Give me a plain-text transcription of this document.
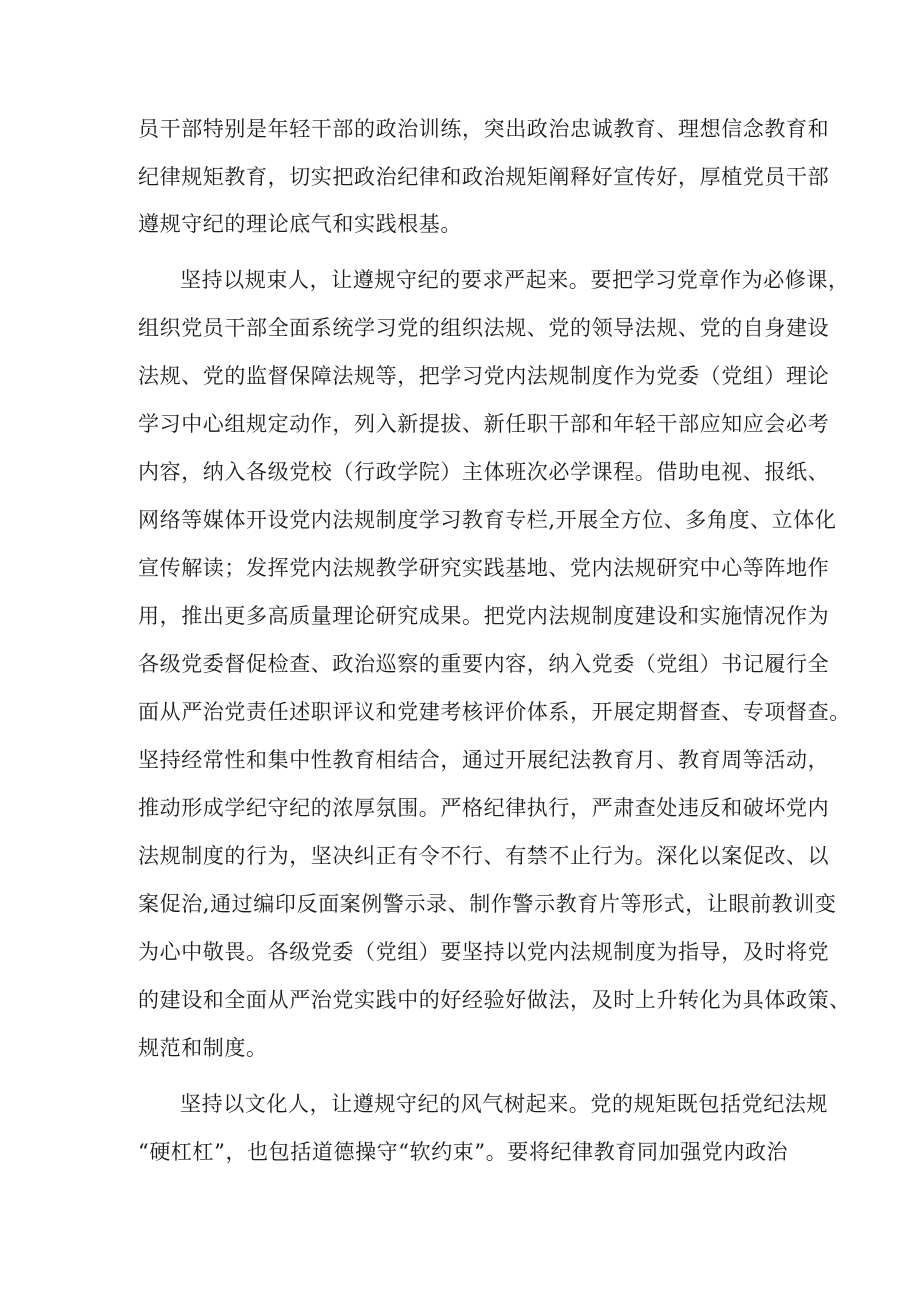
员干部特别是年轻干部的政治训练，突出政治忠诚教育、理想信念教育和
纪律规矩教育，切实把政治纪律和政治规矩阐释好宣传好，厚植党员干部
遵规守纪的理论底气和实践根基。
坚持以规束人，让遵规守纪的要求严起来。要把学习党章作为必修课，
组织党员干部全面系统学习党的组织法规、党的领导法规、党的自身建设
法规、党的监督保障法规等，把学习党内法规制度作为党委（党组）理论
学习中心组规定动作，列入新提拔、新任职干部和年轻干部应知应会必考
内容，纳入各级党校（行政学院）主体班次必学课程。借助电视、报纸、
网络等媒体开设党内法规制度学习教育专栏,开展全方位、多角度、立体化
宣传解读；发挥党内法规教学研究实践基地、党内法规研究中心等阵地作
用，推出更多高质量理论研究成果。把党内法规制度建设和实施情况作为
各级党委督促检查、政治巡察的重要内容，纳入党委（党组）书记履行全
面从严治党责任述职评议和党建考核评价体系，开展定期督查、专项督查。
坚持经常性和集中性教育相结合，通过开展纪法教育月、教育周等活动，
推动形成学纪守纪的浓厚氛围。严格纪律执行，严肃查处违反和破坏党内
法规制度的行为，坚决纠正有令不行、有禁不止行为。深化以案促改、以
案促治,通过编印反面案例警示录、制作警示教育片等形式，让眼前教训变
为心中敬畏。各级党委（党组）要坚持以党内法规制度为指导，及时将党
的建设和全面从严治党实践中的好经验好做法，及时上升转化为具体政策、
规范和制度。
坚持以文化人，让遵规守纪的风气树起来。党的规矩既包括党纪法规
“硬杠杠”，也包括道德操守“软约束”。要将纪律教育同加强党内政治
